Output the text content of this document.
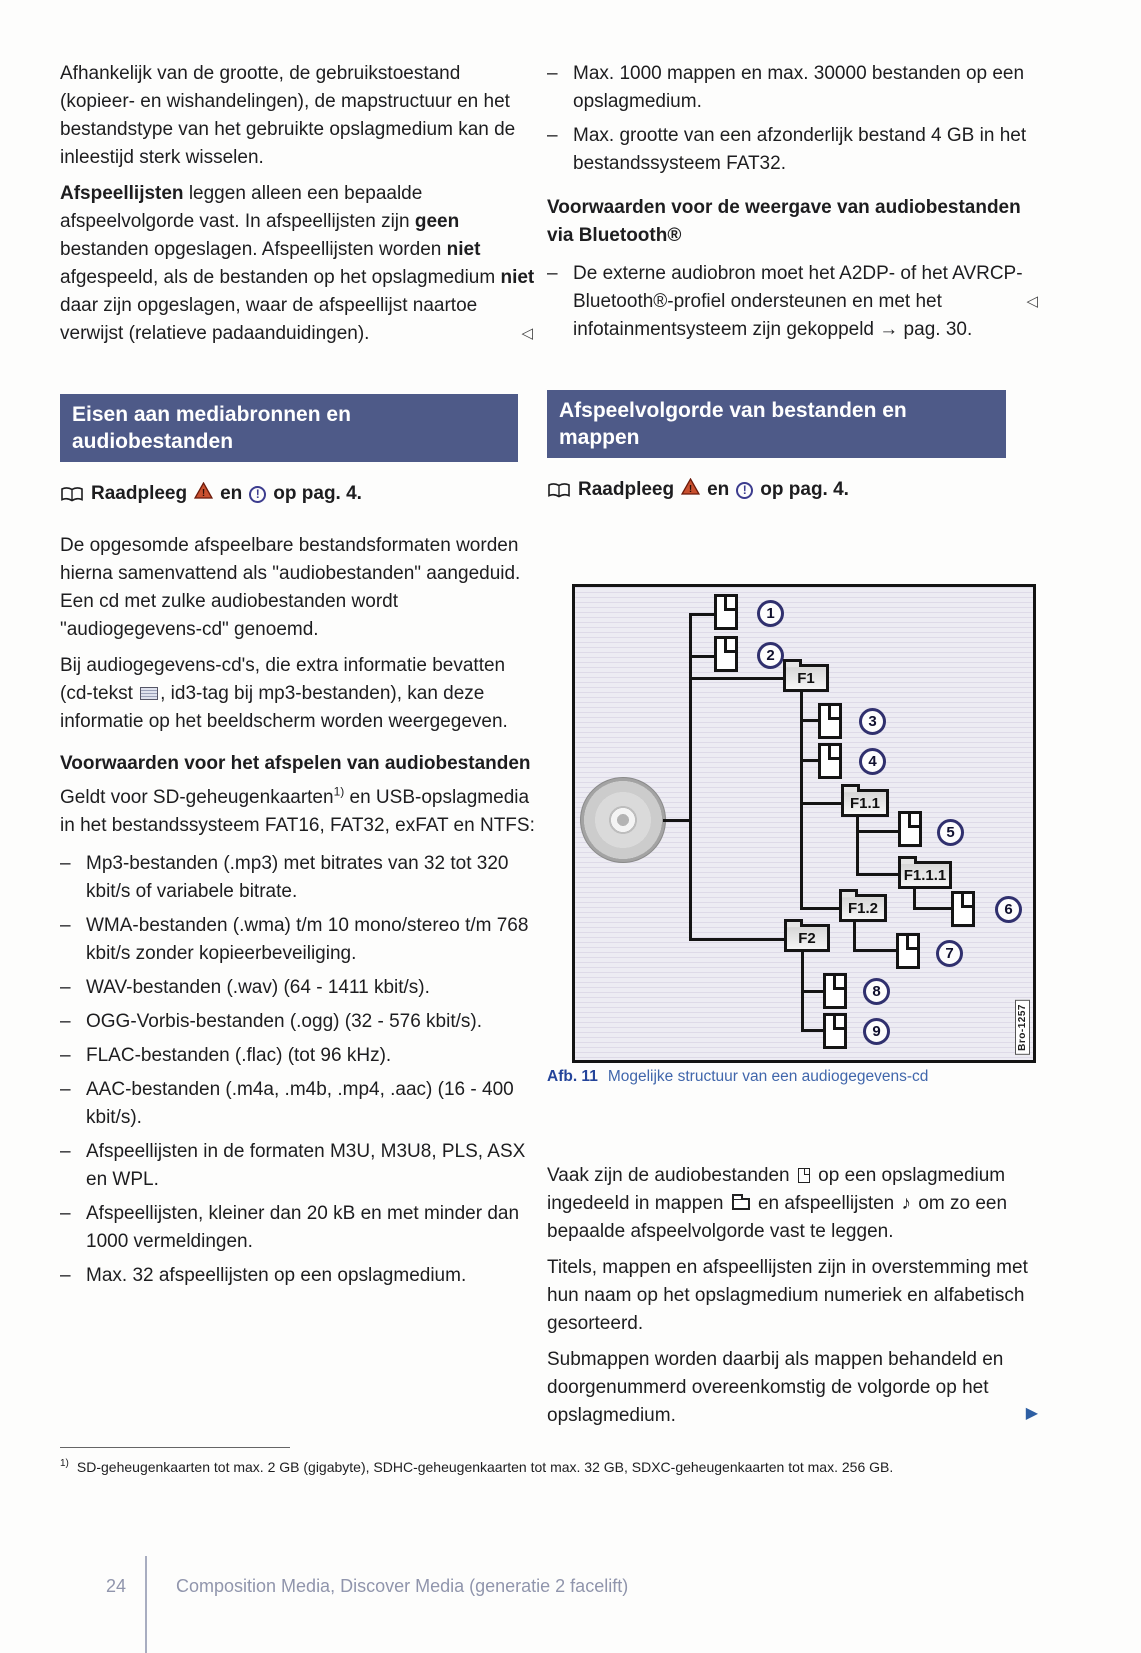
Afhankelijk van de grootte, de gebruikstoestand (kopieer- en wishandelingen), de mapstructuur en het bestandstype van het gebruikte opslagmedium kan de inleestijd sterk wisselen.

Afspeellijsten leggen alleen een bepaalde afspeelvolgorde vast. In afspeellijsten zijn geen bestanden opgeslagen. Afspeellijsten worden niet afgespeeld, als de bestanden op het opslagmedium niet daar zijn opgeslagen, waar de afspeellijst naartoe verwijst (relatieve padaanduidingen).	◁

Eisen aan mediabronnen en audiobestanden
Raadpleeg ! en	! op pag. 4.

De opgesomde afspeelbare bestandsformaten worden hierna samenvattend als "audiobestanden" aangeduid. Een cd met zulke audiobestanden wordt "audiogegevens-cd" genoemd.

Bij audiogegevens-cd's, die extra informatie bevatten (cd-tekst , id3-tag bij mp3-bestanden), kan deze informatie op het beeldscherm worden weergegeven.

Voorwaarden voor het afspelen van audiobestanden

Geldt voor SD-geheugenkaarten$^{1)}$ en USB-opslagmedia in het bestandssysteem FAT16, FAT32, exFAT en NTFS:

– Mp3-bestanden (.mp3) met bitrates van 32 tot 320 kbit/s of variabele bitrate.
– WMA-bestanden (.wma) t/m 10 mono/stereo t/m 768 kbit/s zonder kopieerbeveiliging.
– WAV-bestanden (.wav) (64 - 1411 kbit/s).
– OGG-Vorbis-bestanden (.ogg) (32 - 576 kbit/s).
– FLAC-bestanden (.flac) (tot 96 kHz).
– AAC-bestanden (.m4a, .m4b, .mp4, .aac) (16 - 400 kbit/s).
– Afspeellijsten in de formaten M3U, M3U8, PLS, ASX en WPL.
– Afspeellijsten, kleiner dan 20 kB en met minder dan 1000 vermeldingen.
– Max. 32 afspeellijsten op een opslagmedium.
– Max. 1000 mappen en max. 30000 bestanden op een opslagmedium.
– Max. grootte van een afzonderlijk bestand 4 GB in het bestandssysteem FAT32.
Voorwaarden voor de weergave van audiobestanden via Bluetooth®
– De externe audiobron moet het A2DP- of het AVRCP-Bluetooth®-profiel ondersteunen en met het infotainmentsysteem zijn gekoppeld → pag. 30.
◁
Afspeelvolgorde van bestanden en mappen
Raadpleeg ! en	! op pag. 4.
1
2
F1
3
4
F1.1
5
F1.1.1
6
F1.2
7
F2
8
9	Bro-1257
Afb. 11 Mogelijke structuur van een audiogegevens-cd

Vaak zijn de audiobestanden  op een opslagmedium ingedeeld in mappen  en afspeellijsten ♪ om zo een bepaalde afspeelvolgorde vast te leggen.

Titels, mappen en afspeellijsten zijn in overstemming met hun naam op het opslagmedium numeriek en alfabetisch gesorteerd.

Submappen worden daarbij als mappen behandeld en doorgenummerd overeenkomstig de volgorde op het opslagmedium.	▶

$^{1)}$ SD-geheugenkaarten tot max. 2 GB (gigabyte), SDHC-geheugenkaarten tot max. 32 GB, SDXC-geheugenkaarten tot max. 256 GB.
24	Composition Media, Discover Media (generatie 2 facelift)
